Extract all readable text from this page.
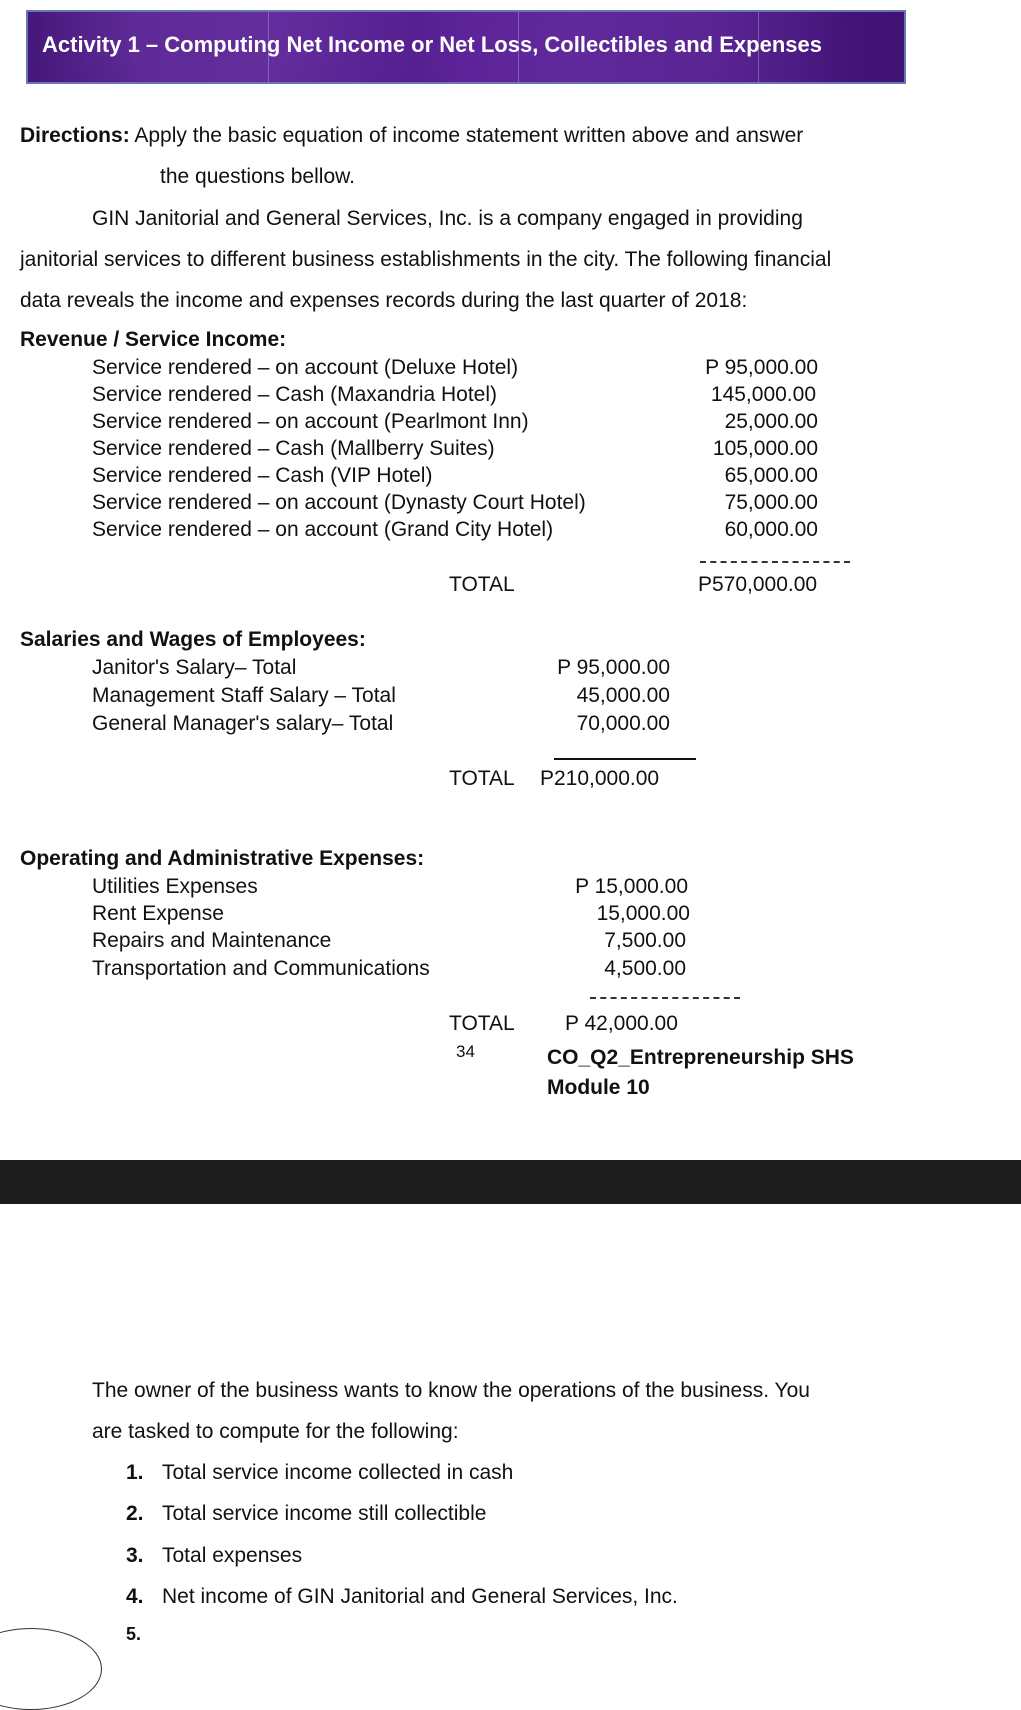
Activity 1 – Computing Net Income or Net Loss, Collectibles and Expenses
Directions: Apply the basic equation of income statement written above and answer
the questions bellow.
GIN Janitorial and General Services, Inc. is a company engaged in providing
janitorial services to different business establishments in the city. The following financial
data reveals the income and expenses records during the last quarter of 2018:
Revenue / Service Income:
Service rendered – on account (Deluxe Hotel)
Service rendered – Cash (Maxandria Hotel)
Service rendered – on account (Pearlmont Inn)
Service rendered – Cash (Mallberry Suites)
Service rendered – Cash (VIP Hotel)
Service rendered – on account (Dynasty Court Hotel)
Service rendered – on account (Grand City Hotel)
P 95,000.00
145,000.00
25,000.00
105,000.00
65,000.00
75,000.00
60,000.00
TOTAL	P570,000.00
Salaries and Wages of Employees:
Janitor's Salary– Total
Management Staff Salary – Total
General Manager's salary– Total
P 95,000.00
45,000.00
70,000.00
TOTAL P210,000.00
Operating and Administrative Expenses:
Utilities Expenses
Rent Expense
Repairs and Maintenance
Transportation and Communications
P 15,000.00
15,000.00
7,500.00
4,500.00
TOTAL P 42,000.00
34	CO_Q2_Entrepreneurship SHS
Module 10
The owner of the business wants to know the operations of the business. You
are tasked to compute for the following:
1. Total service income collected in cash
2. Total service income still collectible
3. Total expenses
4. Net income of GIN Janitorial and General Services, Inc.
5.
